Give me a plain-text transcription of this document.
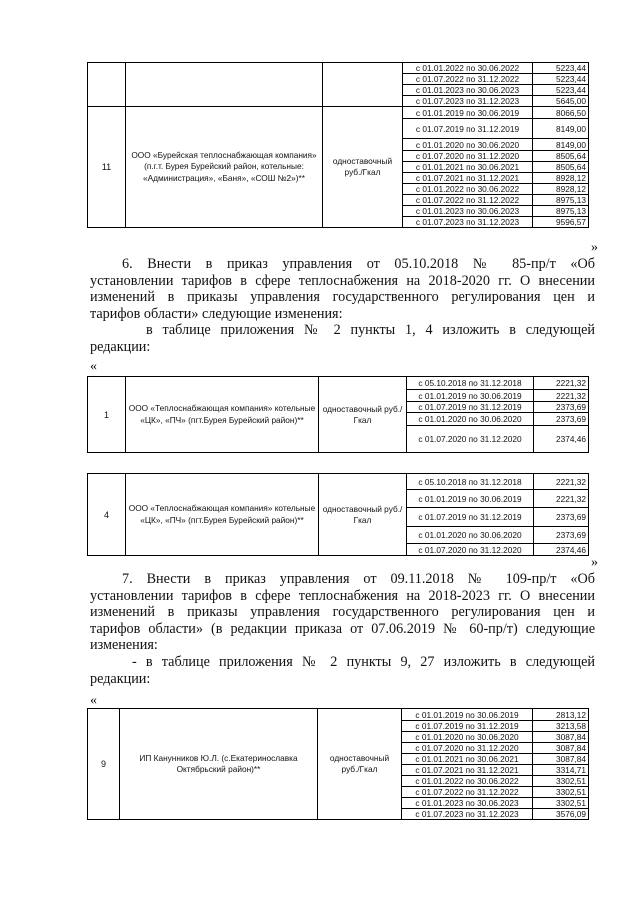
			с 01.01.2022 по 30.06.2022	5223,44
			с 01.07.2022 по 31.12.2022	5223,44
			с 01.01.2023 по 30.06.2023	5223,44
			с 01.07.2023 по 31.12.2023	5645,00
11	ООО «Бурейская теплоснабжающая компания» (п.г.т. Бурея Бурейский район, котельные: «Администрация», «Баня», «СОШ №2»)**	одноставочный руб./Гкал	с 01.01.2019 по 30.06.2019	8066,50
			с 01.07.2019 по 31.12.2019	8149,00
			с 01.01.2020 по 30.06.2020	8149,00
			с 01.07.2020 по 31.12.2020	8505,64
			с 01.01.2021 по 30.06.2021	8505,64
			с 01.07.2021 по 31.12.2021	8928,12
			с 01.01.2022 по 30.06.2022	8928,12
			с 01.07.2022 по 31.12.2022	8975,13
			с 01.01.2023 по 30.06.2023	8975,13
			с 01.07.2023 по 31.12.2023	9596,57
»
6. Внести в приказ управления от 05.10.2018 № 85-пр/т «Об
установлении тарифов в сфере теплоснабжения на 2018-2020 гг. О внесении
изменений в приказы управления государственного регулирования цен и
тарифов области» следующие изменения:
в таблице приложения № 2 пункты 1, 4 изложить в следующей
редакции:
«
1	ООО «Теплоснабжающая компания» котельные «ЦК», «ПЧ» (пгт.Бурея Бурейский район)**	одноставочный руб./Гкал	с 05.10.2018 по 31.12.2018	2221,32
			с 01.01.2019 по 30.06.2019	2221,32
			с 01.07.2019 по 31.12.2019	2373,69
			с 01.01.2020 по 30.06.2020	2373,69
			с 01.07.2020 по 31.12.2020	2374,46
4	ООО «Теплоснабжающая компания» котельные «ЦК», «ПЧ» (пгт.Бурея Бурейский район)**	одноставочный руб./Гкал	с 05.10.2018 по 31.12.2018	2221,32
			с 01.01.2019 по 30.06.2019	2221,32
			с 01.07.2019 по 31.12.2019	2373,69
			с 01.01.2020 по 30.06.2020	2373,69
			с 01.07.2020 по 31.12.2020	2374,46
»
7. Внести в приказ управления от 09.11.2018 № 109-пр/т «Об
установлении тарифов в сфере теплоснабжения на 2018-2023 гг. О внесении
изменений в приказы управления государственного регулирования цен и
тарифов области» (в редакции приказа от 07.06.2019 № 60-пр/т) следующие
изменения:
- в таблице приложения № 2 пункты 9, 27 изложить в следующей
редакции:
«
9	ИП Канунников Ю.Л. (с.Екатеринославка Октябрьский район)**	одноставочный руб./Гкал	с 01.01.2019 по 30.06.2019	2813,12
			с 01.07.2019 по 31.12.2019	3213,58
			с 01.01.2020 по 30.06.2020	3087,84
			с 01.07.2020 по 31.12.2020	3087,84
			с 01.01.2021 по 30.06.2021	3087,84
			с 01.07.2021 по 31.12.2021	3314,71
			с 01.01.2022 по 30.06.2022	3302,51
			с 01.07.2022 по 31.12.2022	3302,51
			с 01.01.2023 по 30.06.2023	3302,51
			с 01.07.2023 по 31.12.2023	3576,09
